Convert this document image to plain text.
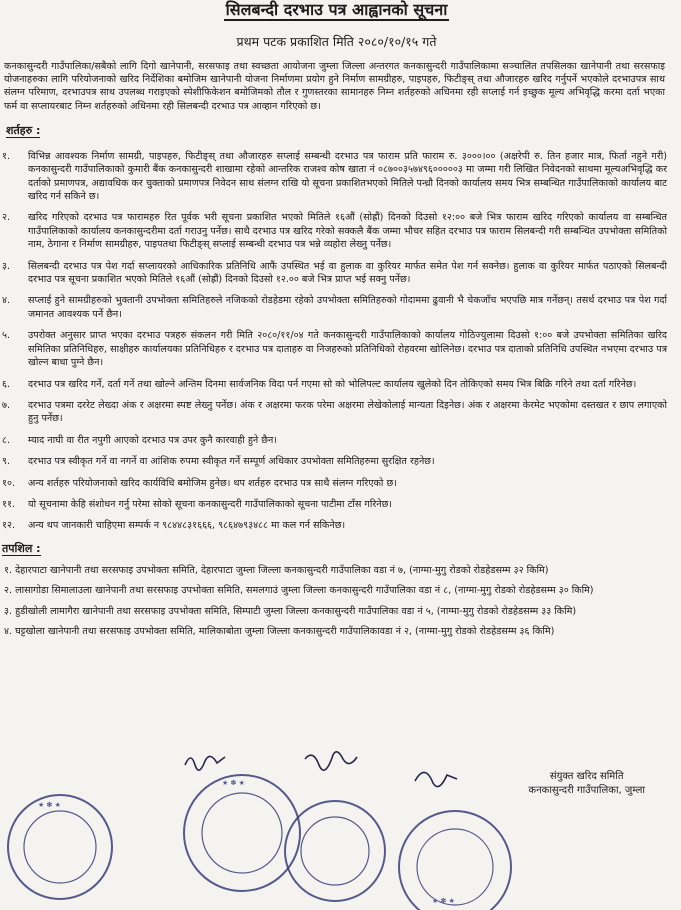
सिलबन्दी दरभाउ पत्र आह्वानको सूचना
प्रथम पटक प्रकाशित मिति २०८०/१०/१५ गते
कनकासुन्दरी गाउँपालिका/सबैको लागि दिगो खानेपानी, सरसफाइ तथा स्वच्छता आयोजना जुम्ला जिल्ला अन्तरगत कनकासुन्दरी गाउँपालिकामा सञ्चालित तपसिलका खानेपानी तथा सरसफाइ योजनाहरुका लागि परियोजनाको खरिद निर्देशिका बमोजिम खानेपानी योजना निर्माणमा प्रयोग हुने निर्माण सामग्रीहरु, पाइपहरु, फिटीङ्स् तथा औजारहरु खरिद गर्नुपर्ने भएकोले दरभाउपत्र साथ संलग्न परिमाण, दरभाउपत्र साथ उपलब्ध गराइएको स्पेशीफिकेशन बमोजिमको तौल र गुणस्तरका सामानहरु निम्न शर्तहरुको अधिनमा रही सप्लाई गर्न इच्छुक मूल्य अभिवृद्धि करमा दर्ता भएका फर्म वा सप्लायरबाट निम्न शर्तहरुको अधिनमा रही सिलबन्दी दरभाउ पत्र आव्हान गरिएको छ।
शर्तहरु :
१.	विभिन्न आवश्यक निर्माण सामग्री, पाइपहरु, फिटीङ्स् तथा औजारहरु सप्लाई सम्बन्धी दरभाउ पत्र फाराम प्रति फाराम रु. ३०००।०० (अक्षरेपी रु. तिन हजार मात्र, फिर्ता नहुने गरी) कनकासुन्दरी गाउँपालिकाको कुमारी बैंक कनकासुन्दरी शाखामा रहेको आन्तरिक राजश्व कोष खाता नं ०८७००३५७४९६०००००३ मा जम्मा गरी लिखित निवेदनको साथमा मूल्यअभिवृद्धि कर दर्ताको प्रमाणपत्र, अद्यावधिक कर चुक्ताको प्रमाणपत्र निवेदन साथ संलग्न राखि यो सूचना प्रकाशितभएको मितिले पन्ध्रौ दिनको कार्यालय समय भित्र सम्बन्धित गाउँपालिकाको कार्यालय बाट खरिद गर्न सकिने छ।
२.	खरिद गरिएको दरभाउ पत्र फारामहरु रित पूर्वक भरी सूचना प्रकाशित भएको मितिले १६औं (सोह्रौं) दिनको दिउसो १२:०० बजे भित्र फाराम खरिद गरिएको कार्यालय वा सम्बन्धित गाउँपालिकाको कार्यालय कनकासुन्दरीमा दर्ता गराउनु पर्नेछ। साथै दरभाउ पत्र खरिद गरेको सक्कलै बैंक जम्मा भौचर सहित दरभाउ पत्र फाराम सिलबन्दी गरी सम्बन्धित उपभोक्ता समितिको नाम, ठेगाना र निर्माण सामग्रीहरु, पाइपतथा फिटीङ्स् सप्लाई सम्बन्धी दरभाउ पत्र भन्ने व्यहोरा लेख्नु पर्नेछ।
३.	सिलबन्दी दरभाउ पत्र पेश गर्दा सप्लायरको आधिकारिक प्रतिनिधि आफैं उपस्थित भई वा हुलाक वा कुरियर मार्फत समेत पेश गर्न सक्नेछ। हुलाक वा कुरियर मार्फत पठाएको सिलबन्दी दरभाउ पत्र सूचना प्रकाशित भएको मितिले १६औं (सोह्रौं) दिनको दिउसो १२.०० बजे भित्र प्राप्त भई सक्नु पर्नेछ।
४.	सप्लाई हुने सामग्रीहरुको भुक्तानी उपभोक्ता समितिहरुले नजिकको रोडहेडमा रहेको उपभोक्ता समितिहरुको गोदाममा ढुवानी भै चेकजाँच भएपछि मात्र गर्नेछन्। तसर्थ दरभाउ पत्र पेश गर्दा जमानत आवश्यक पर्ने छैन।
५.	उपरोक्त अनुसार प्राप्त भएका दरभाउ पत्रहरु संकलन गरी मिति २०८०/११/०४ गते कनकासुन्दरी गाउँपालिकाको कार्यालय गोठिज्युलामा दिउसो १:०० बजे उपभोक्ता समितिका खरिद समितिका प्रतिनिधिहरु, साक्षीहरु कार्यालयका प्रतिनिधिहरु र दरभाउ पत्र दाताहरु वा निजहरुको प्रतिनिधिको रोहवरमा खोलिनेछ। दरभाउ पत्र दाताको प्रतिनिधि उपस्थित नभएमा दरभाउ पत्र खोल्न बाधा पुग्ने छैन।
६.	दरभाउ पत्र खरिद गर्ने, दर्ता गर्ने तथा खोल्ने अन्तिम दिनमा सार्वजनिक विदा पर्न गएमा सो को भोलिपल्ट कार्यालय खुलेको दिन तोकिएको समय भित्र बिक्रि गरिने तथा दर्ता गरिनेछ।
७.	दरभाउ पत्रमा दररेट लेख्दा अंक र अक्षरमा स्पष्ट लेख्नु पर्नेछ। अंक र अक्षरमा फरक परेमा अक्षरमा लेखेकोलाई मान्यता दिइनेछ। अंक र अक्षरमा केरमेट भएकोमा दस्तखत र छाप लगाएको हुनु पर्नेछ।
८.	म्याद नाघी वा रीत नपुगी आएको दरभाउ पत्र उपर कुनै कारवाही हुने छैन।
९.	दरभाउ पत्र स्वीकृत गर्ने वा नगर्ने वा आंशिक रुपमा स्वीकृत गर्ने सम्पूर्ण अधिकार उपभोक्ता समितिहरुमा सुरक्षित रहनेछ।
१०.	अन्य शर्तहरु परियोजनाको खरिद कार्यविधि बमोजिम हुनेछ। थप शर्तहरु दरभाउ पत्र साथै संलग्न गरिएको छ।
११.	यो सूचनामा केहि संशोधन गर्नु परेमा सोको सूचना कनकासुन्दरी गाउँपालिकाको सूचना पाटीमा टाँस गरिनेछ।
१२.	अन्य थप जानकारी चाहिएमा सम्पर्क न ९८४४८३१६६६, ९८६४७९३४८८ मा कल गर्न सकिनेछ।
तपशिल :
१. देहारपाटा खानेपानी तथा सरसफाइ उपभोक्ता समिति, देहारपाटा जुम्ला जिल्ला कनकासुन्दरी गाउँपालिका वडा नं ७, (नाग्मा-मुगु रोडको रोडहेडसम्म ३२ किमि)
२. लासागोडा सिमालाउला खानेपानी तथा सरसफाइ उपभोक्ता समिति, समलगाउं जुम्ला जिल्ला कनकासुन्दरी गाउँपालिका वडा नं ८, (नाग्मा-मुगु रोडको रोडहेडसम्म ३० किमि)
३. हुडीखोली लामागैरा खानेपानी तथा सरसफाइ उपभोक्ता समिति, सिम्पाटी जुम्ला जिल्ला कनकासुन्दरी गाउँपालिका वडा नं ५, (नाग्मा-मुगु रोडको रोडहेडसम्म ३३ किमि)
४. घट्टखोला खानेपानी तथा सरसफाइ उपभोक्ता समिति, मालिकाबोता जुम्ला जिल्ला कनकासुन्दरी गाउँपालिकावडा नं २, (नाग्मा-मुगु रोडको रोडहेडसम्म ३६ किमि)
★ ✽ ★
★ ✽ ★
★ ✽ ★
संयुक्त खरिद समिति
कनकासुन्दरी गाउँपालिका, जुम्ला
